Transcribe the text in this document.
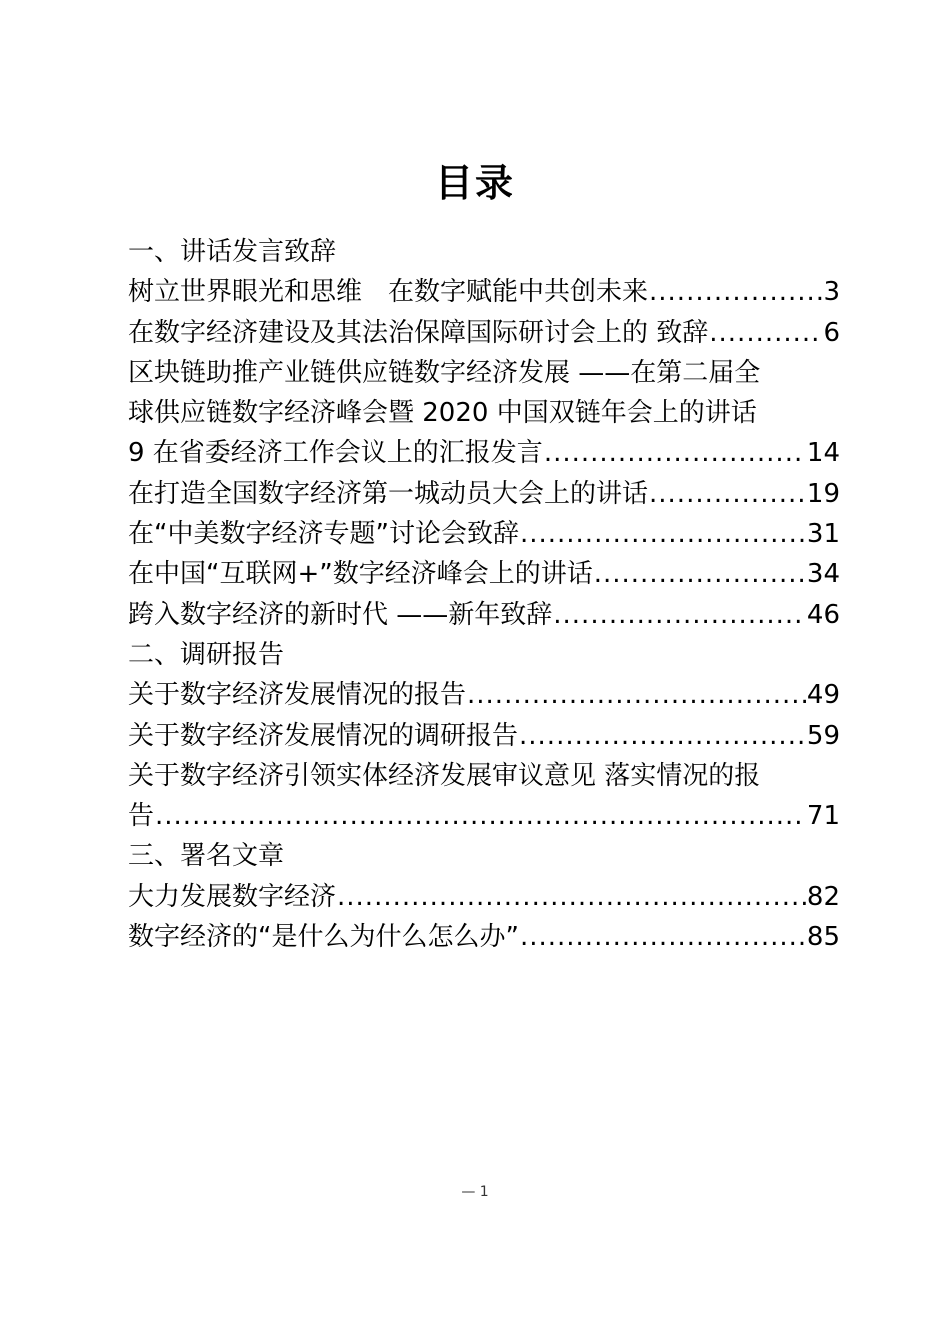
目录
一、讲话发言致辞
树立世界眼光和思维　在数字赋能中共创未来 .....	3
在数字经济建设及其法治保障国际研讨会上的 致辞 .....	6
区块链助推产业链供应链数字经济发展 ——在第二届全
球供应链数字经济峰会暨 2020 中国双链年会上的讲话
9 在省委经济工作会议上的汇报发言 .....	14
在打造全国数字经济第一城动员大会上的讲话 .....	19
在“中美数字经济专题”讨论会致辞 .....	31
在中国“互联网+”数字经济峰会上的讲话 .....	34
跨入数字经济的新时代 ——新年致辞 .....	46
二、调研报告
关于数字经济发展情况的报告 .....	49
关于数字经济发展情况的调研报告 .....	59
关于数字经济引领实体经济发展审议意见 落实情况的报
告 .....	71
三、署名文章
大力发展数字经济 .....	82
数字经济的“是什么为什么怎么办” .....	85
— 1
